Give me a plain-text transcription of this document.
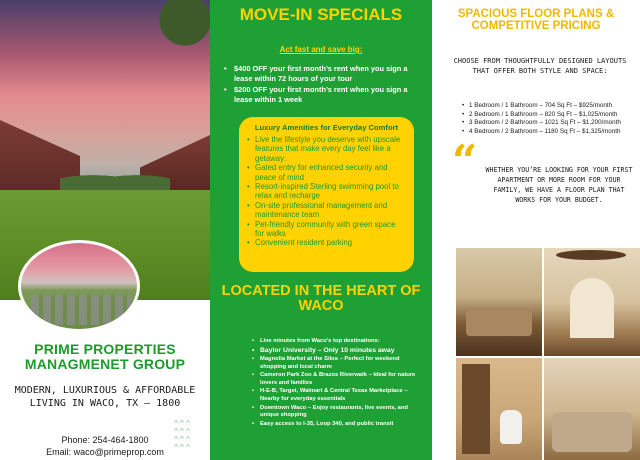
PRIME PROPERTIES MANAGMENET GROUP
MODERN, LUXURIOUS & AFFORDABLE LIVING IN WACO, TX – 1800
Phone: 254-464-1800
Email: waco@primeprop.com
^ ^ ^
^ ^ ^
^ ^ ^
^ ^ ^
MOVE-IN SPECIALS
Act fast and save big:
• $400 OFF your first month’s rent when you sign a lease within 72 hours of your tour
• $200 OFF your first month’s rent when you sign a lease within 1 week
Luxury Amenities for Everyday Comfort
• Live the lifestyle you deserve with upscale features that make every day feel like a getaway:
• Gated entry for enhanced security and peace of mind
• Resort-inspired Sterling swimming pool to relax and recharge
• On-site professional management and maintenance team
• Pet-friendly community with green space for walks
• Convenient resident parking
LOCATED IN THE HEART OF WACO
• Live minutes from Waco’s top destinations:
• Baylor University – Only 10 minutes away
• Magnolia Market at the Silos – Perfect for weekend shopping and local charm
• Cameron Park Zoo & Brazos Riverwalk – Ideal for nature lovers and families
• H-E-B, Target, Walmart & Central Texas Marketplace – Nearby for everyday essentials
• Downtown Waco – Enjoy restaurants, live events, and unique shopping
• Easy access to I-35, Loop 340, and public transit
SPACIOUS FLOOR PLANS & COMPETITIVE PRICING
CHOOSE FROM THOUGHTFULLY DESIGNED LAYOUTS THAT OFFER BOTH STYLE AND SPACE:
• 1 Bedroom / 1 Bathroom – 704 Sq Ft – $925/month
• 2 Bedroom / 1 Bathroom – 820 Sq Ft – $1,025/month
• 3 Bedroom / 2 Bathroom – 1021 Sq Ft – $1,200/month
• 4 Bedroom / 2 Bathroom – 1180 Sq Ft – $1,325/month
“ WHETHER YOU’RE LOOKING FOR YOUR FIRST APARTMENT OR MORE ROOM FOR YOUR FAMILY, WE HAVE A FLOOR PLAN THAT WORKS FOR YOUR BUDGET.
